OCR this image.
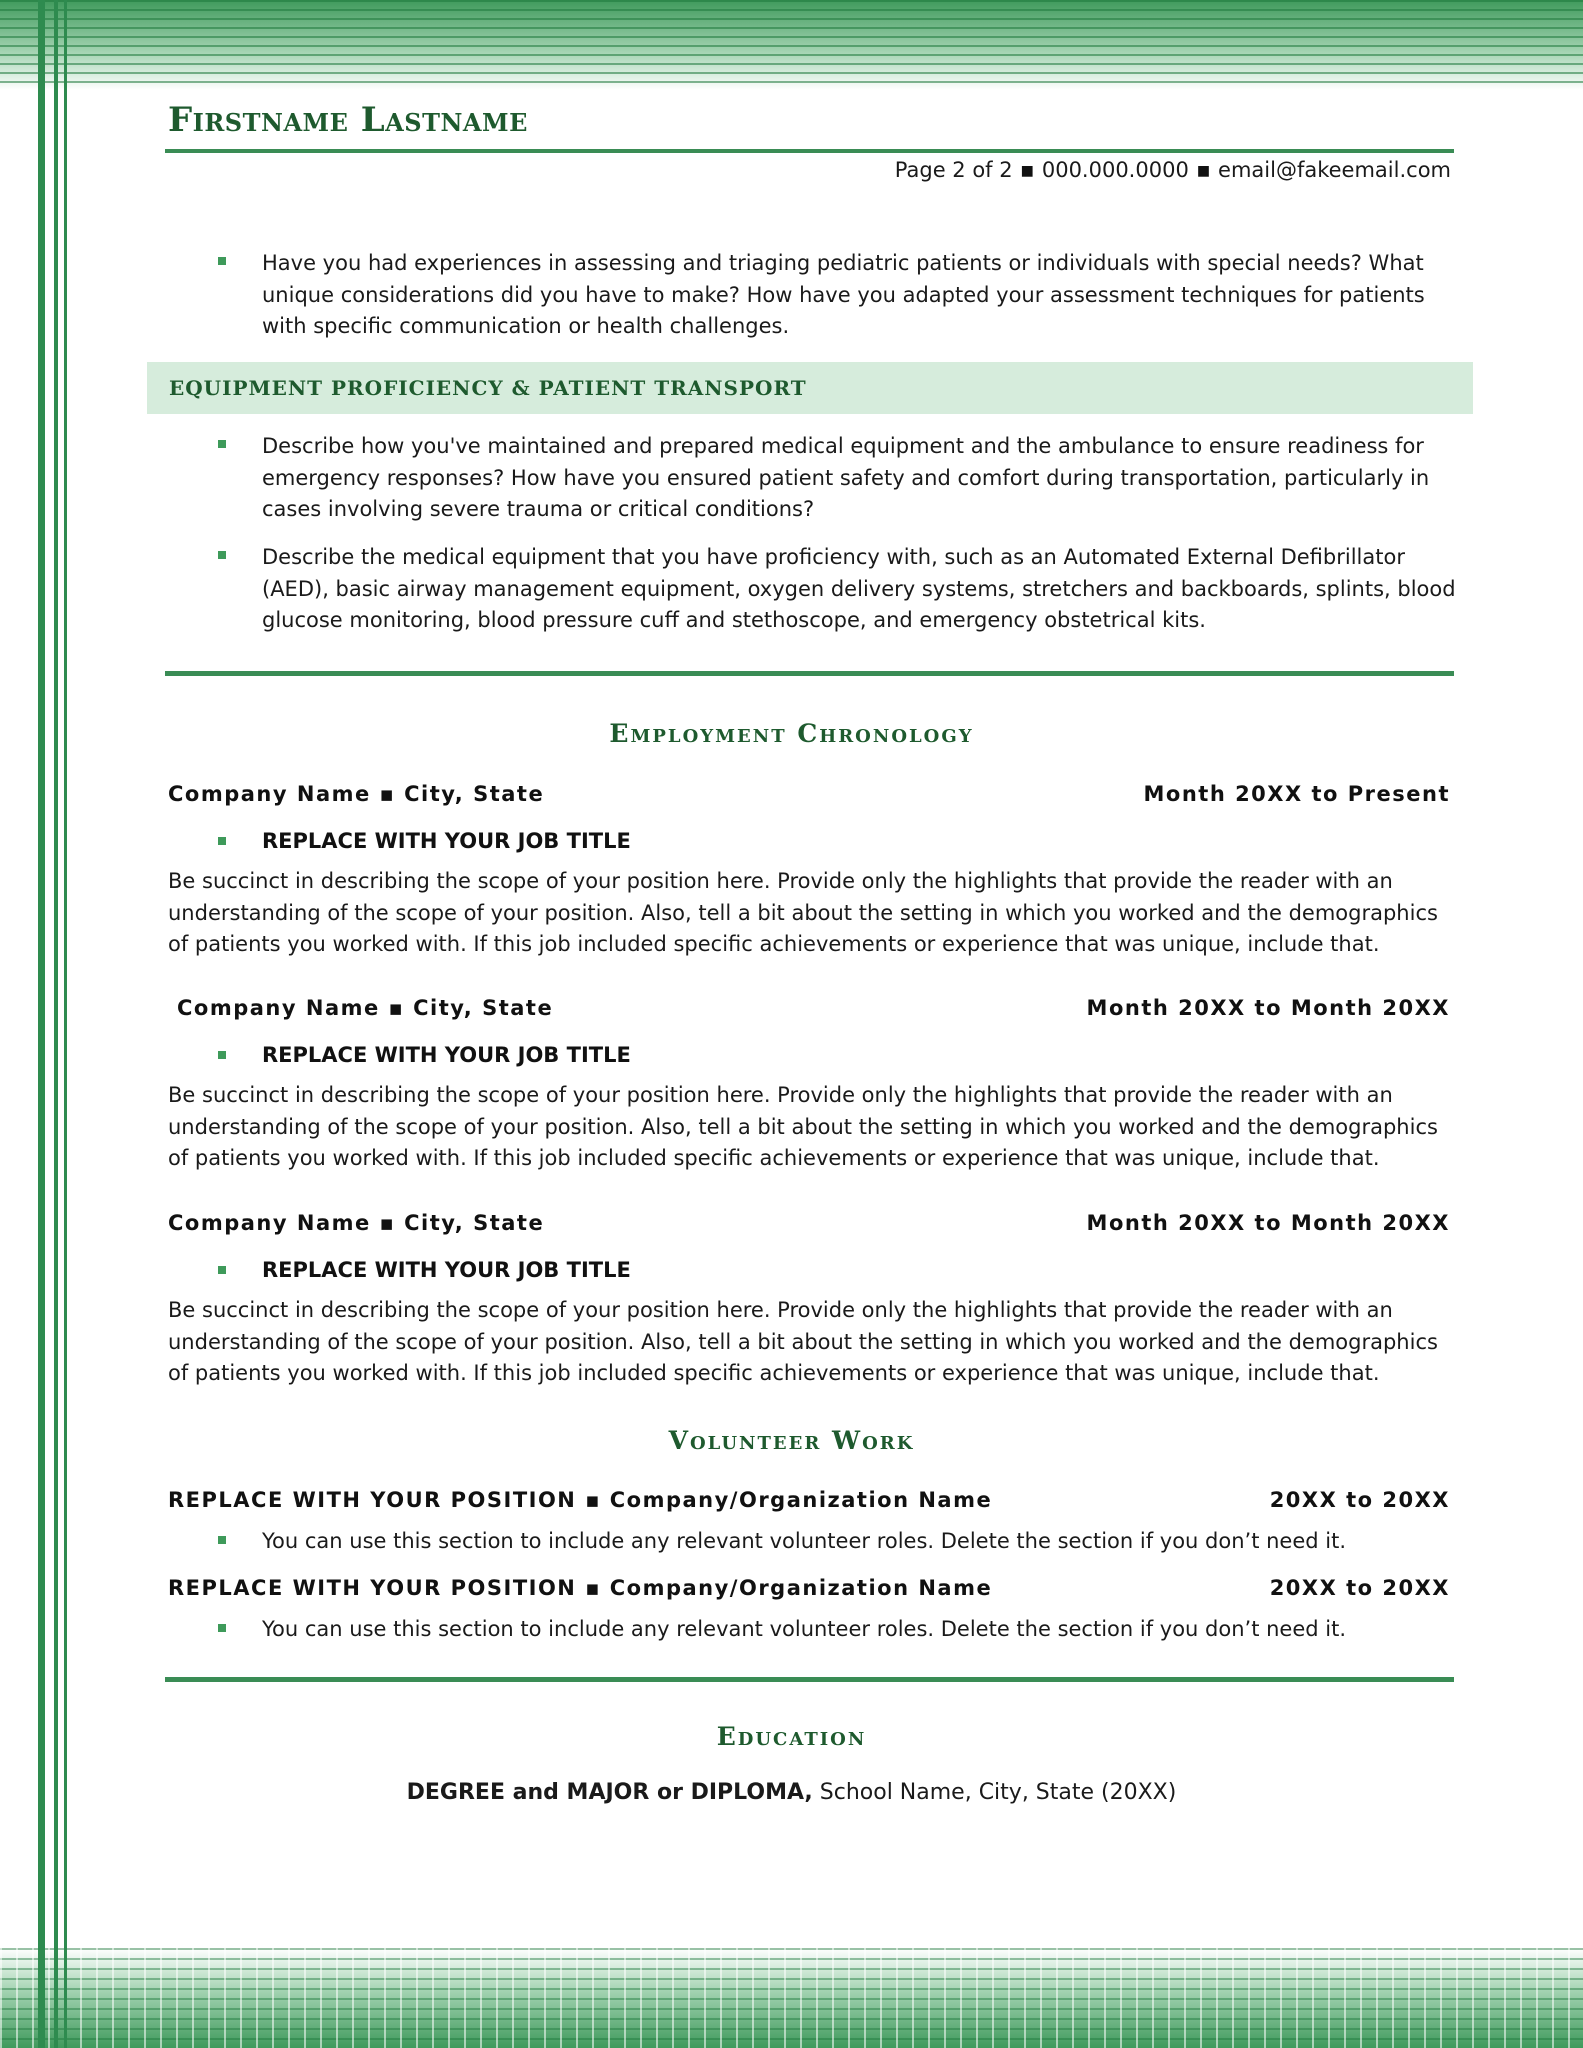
Firstname Lastname
Page 2 of 2 ■ 000.000.0000 ■ email@fakeemail.com
Have you had experiences in assessing and triaging pediatric patients or individuals with special needs? What unique considerations did you have to make? How have you adapted your assessment techniques for patients with specific communication or health challenges.
EQUIPMENT PROFICIENCY & PATIENT TRANSPORT
Describe how you've maintained and prepared medical equipment and the ambulance to ensure readiness for emergency responses? How have you ensured patient safety and comfort during transportation, particularly in cases involving severe trauma or critical conditions?
Describe the medical equipment that you have proficiency with, such as an Automated External Defibrillator (AED), basic airway management equipment, oxygen delivery systems, stretchers and backboards, splints, blood glucose monitoring, blood pressure cuff and stethoscope, and emergency obstetrical kits.
Employment Chronology
Company Name ▪ City, State	Month 20XX to Present
REPLACE WITH YOUR JOB TITLE
Be succinct in describing the scope of your position here. Provide only the highlights that provide the reader with an understanding of the scope of your position. Also, tell a bit about the setting in which you worked and the demographics of patients you worked with. If this job included specific achievements or experience that was unique, include that.
Company Name ▪ City, State	Month 20XX to Month 20XX
REPLACE WITH YOUR JOB TITLE
Be succinct in describing the scope of your position here. Provide only the highlights that provide the reader with an understanding of the scope of your position. Also, tell a bit about the setting in which you worked and the demographics of patients you worked with. If this job included specific achievements or experience that was unique, include that.
Company Name ▪ City, State	Month 20XX to Month 20XX
REPLACE WITH YOUR JOB TITLE
Be succinct in describing the scope of your position here. Provide only the highlights that provide the reader with an understanding of the scope of your position. Also, tell a bit about the setting in which you worked and the demographics of patients you worked with. If this job included specific achievements or experience that was unique, include that.
Volunteer Work
REPLACE WITH YOUR POSITION ▪ Company/Organization Name	20XX to 20XX
You can use this section to include any relevant volunteer roles. Delete the section if you don’t need it.
REPLACE WITH YOUR POSITION ▪ Company/Organization Name	20XX to 20XX
You can use this section to include any relevant volunteer roles. Delete the section if you don’t need it.
Education
DEGREE and MAJOR or DIPLOMA, School Name, City, State (20XX)
